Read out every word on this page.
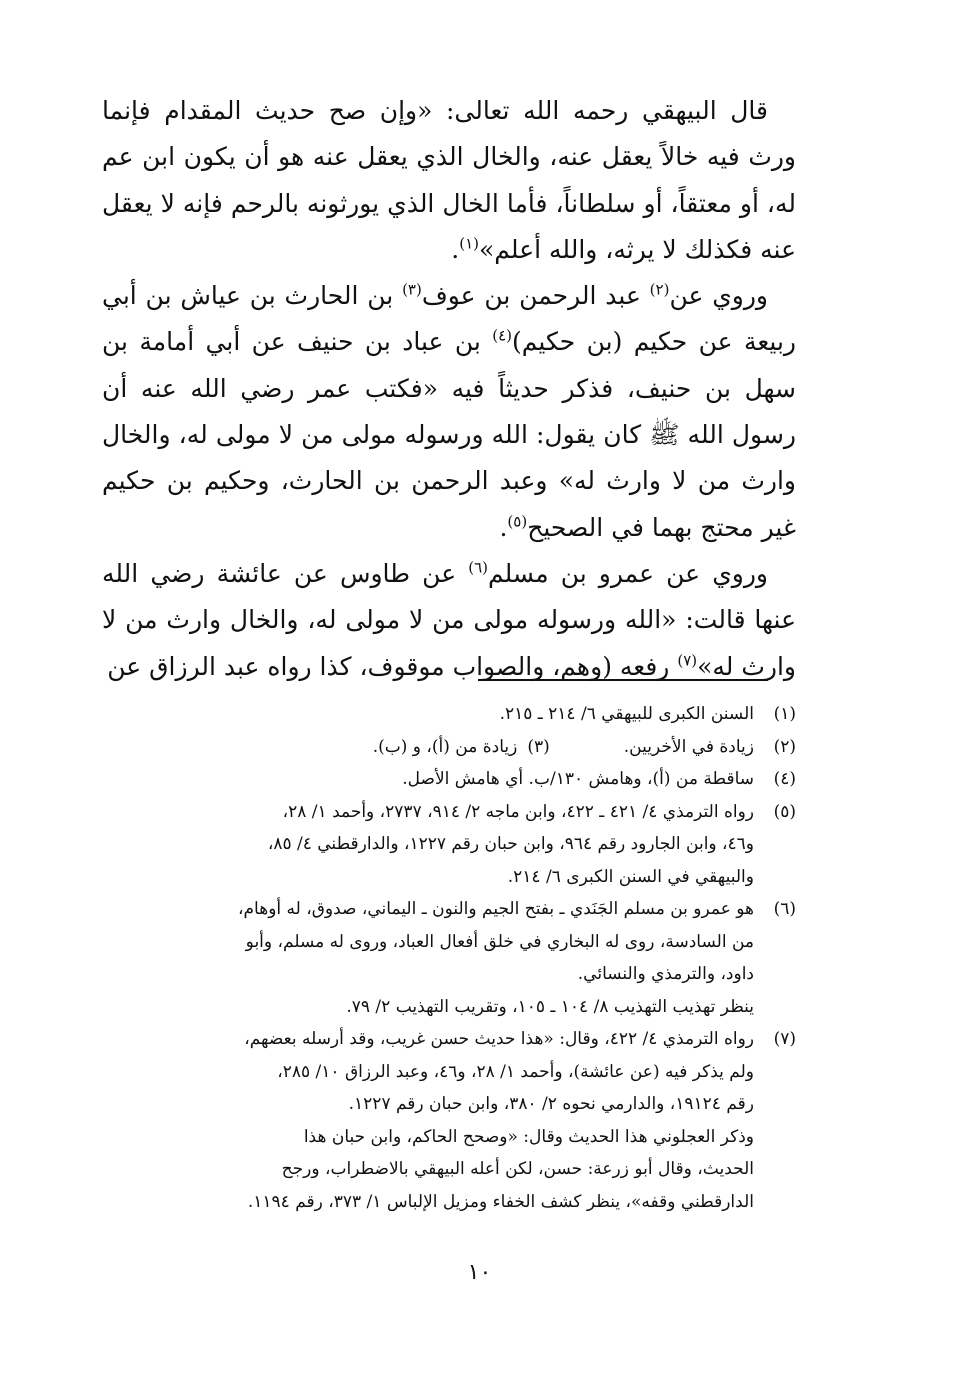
قال البيهقي رحمه الله تعالى: «وإن صح حديث المقدام فإنما ورث فيه خالاً يعقل عنه، والخال الذي يعقل عنه هو أن يكون ابن عم له، أو معتقاً، أو سلطاناً، فأما الخال الذي يورثونه بالرحم فإنه لا يعقل عنه فكذلك لا يرثه، والله أعلم»$^{(١)}$.

وروي عن$^{(٢)}$ عبد الرحمن بن عوف$^{(٣)}$ بن الحارث بن عياش بن أبي ربيعة عن حكيم (بن حكيم)$^{(٤)}$ بن عباد بن حنيف عن أبي أمامة بن سهل بن حنيف، فذكر حديثاً فيه «فكتب عمر رضي الله عنه أن رسول الله ﷺ كان يقول: الله ورسوله مولى من لا مولى له، والخال وارث من لا وارث له» وعبد الرحمن بن الحارث، وحكيم بن حكيم غير محتج بهما في الصحيح$^{(٥)}$.

وروي عن عمرو بن مسلم$^{(٦)}$ عن طاوس عن عائشة رضي الله عنها قالت: «الله ورسوله مولى من لا مولى له، والخال وارث من لا وارث له»$^{(٧)}$ رفعه (وهم، والصواب موقوف، كذا رواه عبد الرزاق عن

(١)

السنن الكبرى للبيهقي ٦/ ٢١٤ ـ ٢١٥.

(٢)
زيادة في الأخريين.
(٣)
زيادة من (أ)، و (ب).
(٤)

ساقطة من (أ)، وهامش ١٣٠/ب. أي هامش الأصل.

(٥)

رواه الترمذي ٤/ ٤٢١ ـ ٤٢٢، وابن ماجه ٢/ ٩١٤، ٢٧٣٧، وأحمد ١/ ٢٨،

و٤٦، وابن الجارود رقم ٩٦٤، وابن حبان رقم ١٢٢٧، والدارقطني ٤/ ٨٥،

والبيهقي في السنن الكبرى ٦/ ٢١٤.

(٦)

هو عمرو بن مسلم الجَنَدي ـ بفتح الجيم والنون ـ اليماني، صدوق، له أوهام،

من السادسة، روى له البخاري في خلق أفعال العباد، وروى له مسلم، وأبو

داود، والترمذي والنسائي.

ينظر تهذيب التهذيب ٨/ ١٠٤ ـ ١٠٥، وتقريب التهذيب ٢/ ٧٩.

(٧)

رواه الترمذي ٤/ ٤٢٢، وقال: «هذا حديث حسن غريب، وقد أرسله بعضهم،

ولم يذكر فيه (عن عائشة)، وأحمد ١/ ٢٨، و٤٦، وعبد الرزاق ١٠/ ٢٨٥،

رقم ١٩١٢٤، والدارمي نحوه ٢/ ٣٨٠، وابن حبان رقم ١٢٢٧.

وذكر العجلوني هذا الحديث وقال: «وصحح الحاكم، وابن حبان هذا

الحديث، وقال أبو زرعة: حسن، لكن أعله البيهقي بالاضطراب، ورجح

الدارقطني وقفه»، ينظر كشف الخفاء ومزيل الإلباس ١/ ٣٧٣، رقم ١١٩٤.

١٠
